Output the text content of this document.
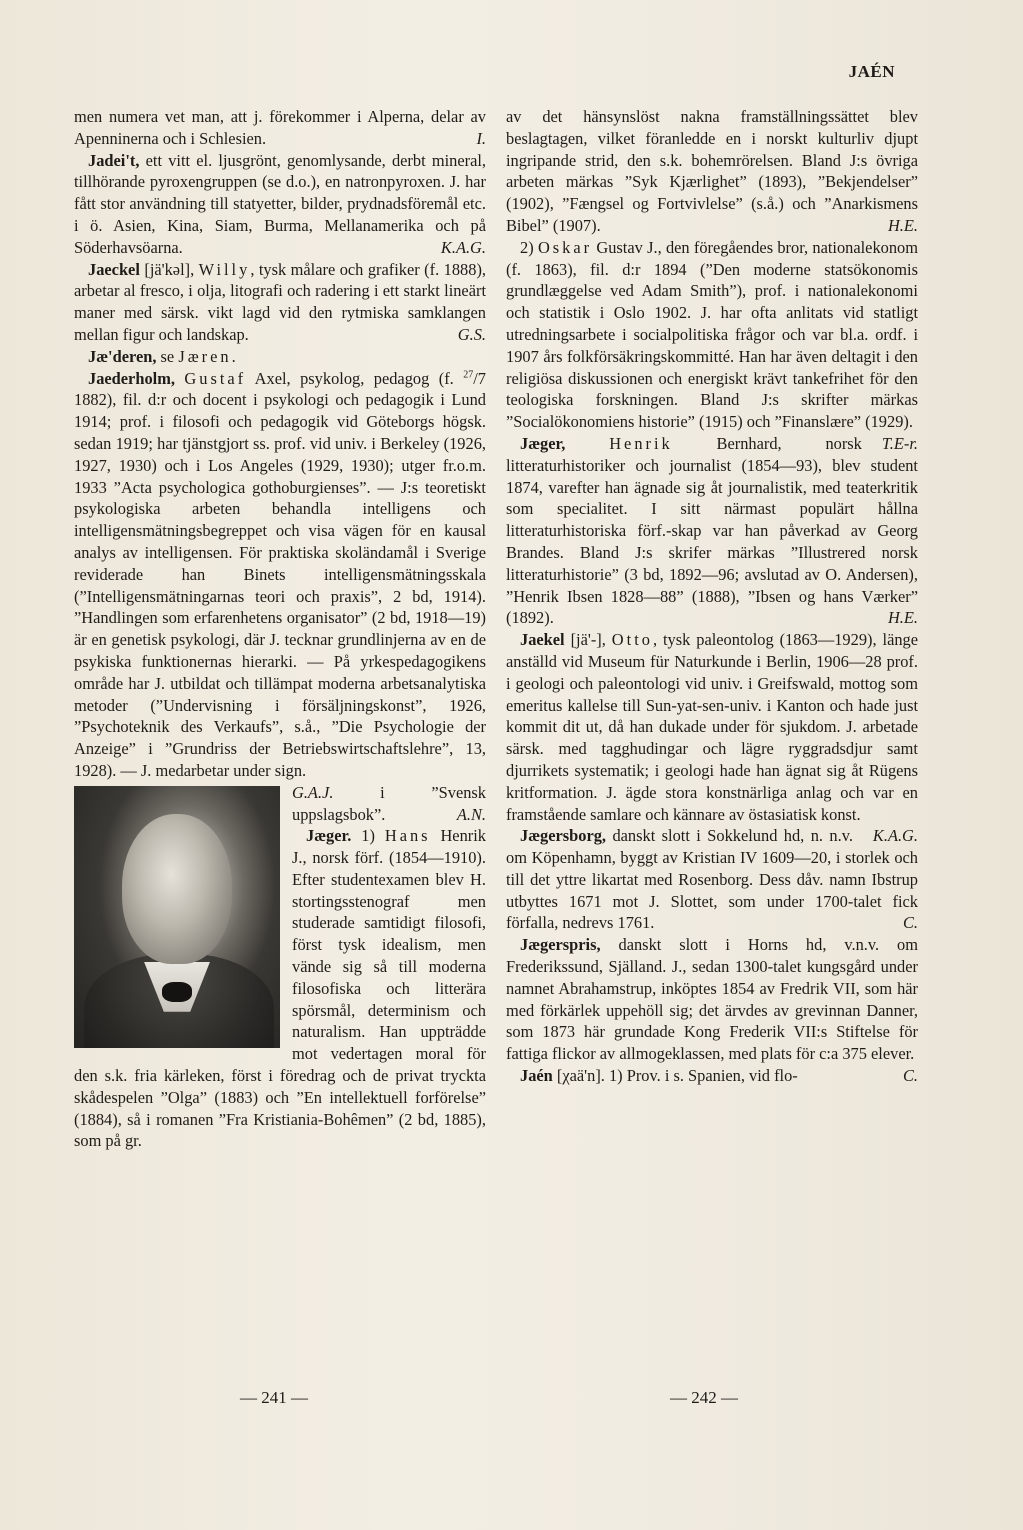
JAÉN

men numera vet man, att j. förekommer i Alperna, delar av Apenninerna och i Schlesien.	I.

Jadei't, ett vitt el. ljusgrönt, genomlysande, derbt mineral, tillhörande pyroxengruppen (se d.o.), en natronpyroxen. J. har fått stor användning till statyetter, bilder, prydnadsföremål etc. i ö. Asien, Kina, Siam, Burma, Mellanamerika och på Söderhavsöarna.	K.A.G.

Jaeckel [jä'kəl], Willy, tysk målare och grafiker (f. 1888), arbetar al fresco, i olja, litografi och radering i ett starkt lineärt maner med särsk. vikt lagd vid den rytmiska samklangen mellan figur och landskap.	G.S.

Jæ'deren, se Jæren.

Jaederholm, Gustaf Axel, psykolog, pedagog (f. $^{27}$/7 1882), fil. d:r och docent i psykologi och pedagogik i Lund 1914; prof. i filosofi och pedagogik vid Göteborgs högsk. sedan 1919; har tjänstgjort ss. prof. vid univ. i Berkeley (1926, 1927, 1930) och i Los Angeles (1929, 1930); utger fr.o.m. 1933 ”Acta psychologica gothoburgienses”. — J:s teoretiskt psykologiska arbeten behandla intelligens och intelligensmätningsbegreppet och visa vägen för en kausal analys av intelligensen. För praktiska skoländamål i Sverige reviderade han Binets intelligensmätningsskala (”Intelligensmätningarnas teori och praxis”, 2 bd, 1914). ”Handlingen som erfarenhetens organisator” (2 bd, 1918—19) är en genetisk psykologi, där J. tecknar grundlinjerna av en de psykiska funktionernas hierarki. — På yrkespedagogikens område har J. utbildat och tillämpat moderna arbetsanalytiska metoder (”Undervisning i försäljningskonst”, 1926, ”Psychoteknik des Verkaufs”, s.å., ”Die Psychologie der Anzeige” i ”Grundriss der Betriebswirtschaftslehre”, 13, 1928). — J. medarbetar under sign.

G.A.J. i ”Svensk uppslagsbok”.	A.N.

Jæger. 1) Hans Henrik J., norsk förf. (1854—1910). Efter studentexamen blev H. stortingsstenograf men studerade samtidigt filosofi, först tysk idealism, men vände sig så till moderna filosofiska och litterära spörsmål, determinism och naturalism. Han uppträdde mot vedertagen moral för den s.k. fria kärleken, först i föredrag och de privat tryckta skådespelen ”Olga” (1883) och ”En intellektuell forförelse” (1884), så i romanen ”Fra Kristiania-Bohêmen” (2 bd, 1885), som på gr.

av det hänsynslöst nakna framställningssättet blev beslagtagen, vilket föranledde en i norskt kulturliv djupt ingripande strid, den s.k. bohemrörelsen. Bland J:s övriga arbeten märkas ”Syk Kjærlighet” (1893), ”Bekjendelser” (1902), ”Fængsel og Fortvivlelse” (s.å.) och ”Anarkismens Bibel” (1907).	H.E.

2) Oskar Gustav J., den föregåendes bror, nationalekonom (f. 1863), fil. d:r 1894 (”Den moderne statsökonomis grundlæggelse ved Adam Smith”), prof. i nationalekonomi och statistik i Oslo 1902. J. har ofta anlitats vid statligt utredningsarbete i socialpolitiska frågor och var bl.a. ordf. i 1907 års folkförsäkringskommitté. Han har även deltagit i den religiösa diskussionen och energiskt krävt tankefrihet för den teologiska forskningen. Bland J:s skrifter märkas ”Socialökonomiens historie” (1915) och ”Finanslære” (1929).
T.E-r.

Jæger,	Henrik Bernhard, norsk litteraturhistoriker och journalist (1854—93), blev student 1874, varefter han ägnade sig åt journalistik, med teaterkritik som specialitet. I sitt närmast populärt hållna litteraturhistoriska förf.-skap var han påverkad av Georg Brandes. Bland J:s skrifer märkas ”Illustrered norsk litteraturhistorie” (3 bd, 1892—96; avslutad av O. Andersen), ”Henrik Ibsen 1828—88” (1888), ”Ibsen og hans Værker” (1892).	H.E.

Jaekel [jä'-], Otto, tysk paleontolog (1863—1929), länge anställd vid Museum für Naturkunde i Berlin, 1906—28 prof. i geologi och paleontologi vid univ. i Greifswald, mottog som emeritus kallelse till Sun-yat-sen-univ. i Kanton och hade just kommit dit ut, då han dukade under för sjukdom. J. arbetade särsk. med tagghudingar och lägre ryggradsdjur samt djurrikets systematik; i geologi hade han ägnat sig åt Rügens kritformation. J. ägde stora konstnärliga anlag och var en framstående samlare och kännare av östasiatisk konst.
K.A.G.

Jægersborg, danskt slott i Sokkelund hd, n. n.v. om Köpenhamn, byggt av Kristian IV 1609—20, i storlek och till det yttre likartat med Rosenborg. Dess dåv. namn Ibstrup utbyttes 1671 mot J. Slottet, som under 1700-talet fick förfalla, nedrevs 1761.	C.

Jægerspris, danskt slott i Horns hd, v.n.v. om Frederikssund, Själland. J., sedan 1300-talet kungsgård under namnet Abrahamstrup, inköptes 1854 av Fredrik VII, som här med förkärlek uppehöll sig; det ärvdes av grevinnan Danner, som 1873 här grundade Kong Frederik VII:s Stiftelse för fattiga flickor av allmogeklassen, med plats för c:a 375 elever.
C.

Jaén [χaä'n]. 1) Prov. i s. Spanien, vid flo-

— 241 —	— 242 —
